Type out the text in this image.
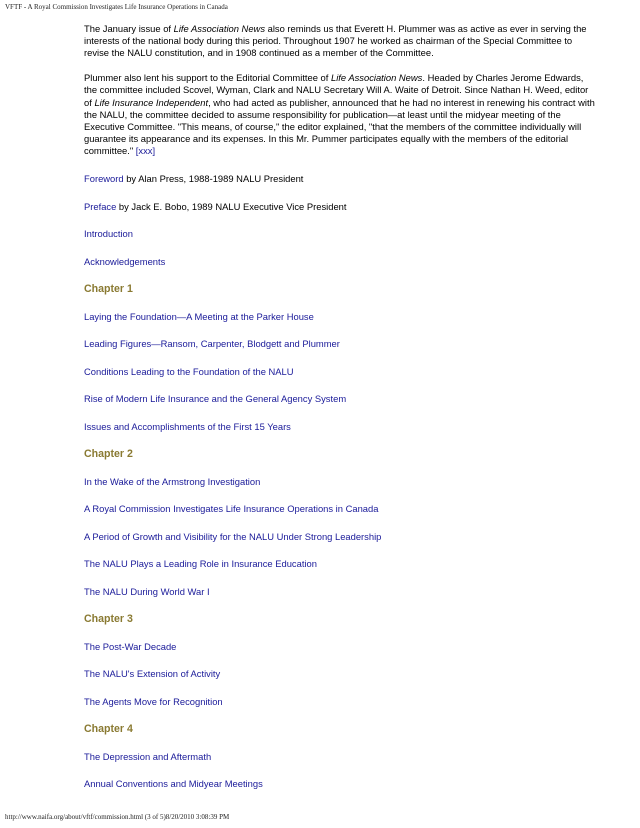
VFTF - A Royal Commission Investigates Life Insurance Operations in Canada

The January issue of Life Association News also reminds us that Everett H. Plummer was as active as ever in serving the interests of the national body during this period. Throughout 1907 he worked as chairman of the Special Committee to revise the NALU constitution, and in 1908 continued as a member of the Committee.

Plummer also lent his support to the Editorial Committee of Life Association News. Headed by Charles Jerome Edwards, the committee included Scovel, Wyman, Clark and NALU Secretary Will A. Waite of Detroit. Since Nathan H. Weed, editor of Life Insurance Independent, who had acted as publisher, announced that he had no interest in renewing his contract with the NALU, the committee decided to assume responsibility for publication—at least until the midyear meeting of the Executive Committee. "This means, of course," the editor explained, "that the members of the committee individually will guarantee its appearance and its expenses. In this Mr. Pummer participates equally with the members of the editorial committee." [xxx]

Foreword by Alan Press, 1988-1989 NALU President
Preface by Jack E. Bobo, 1989 NALU Executive Vice President
Introduction
Acknowledgements
Chapter 1
Laying the Foundation—A Meeting at the Parker House
Leading Figures—Ransom, Carpenter, Blodgett and Plummer
Conditions Leading to the Foundation of the NALU
Rise of Modern Life Insurance and the General Agency System
Issues and Accomplishments of the First 15 Years
Chapter 2
In the Wake of the Armstrong Investigation
A Royal Commission Investigates Life Insurance Operations in Canada
A Period of Growth and Visibility for the NALU Under Strong Leadership
The NALU Plays a Leading Role in Insurance Education
The NALU During World War I
Chapter 3
The Post-War Decade
The NALU's Extension of Activity
The Agents Move for Recognition
Chapter 4
The Depression and Aftermath
Annual Conventions and Midyear Meetings
http://www.naifa.org/about/vftf/commission.html (3 of 5)8/20/2010 3:08:39 PM
